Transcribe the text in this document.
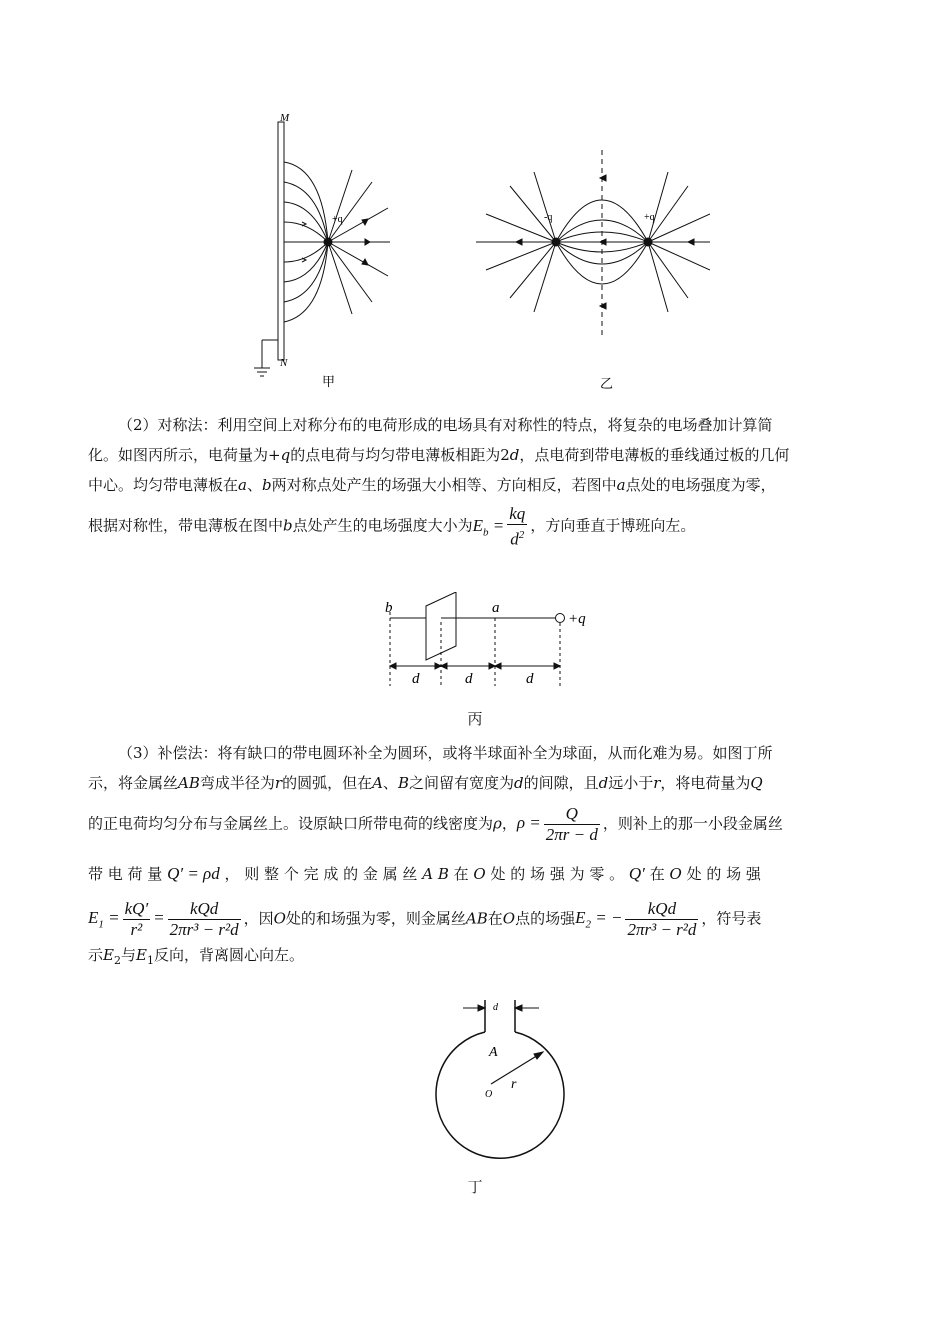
M
N
+q
甲
-q	+q
乙
（2）对称法：利用空间上对称分布的电荷形成的电场具有对称性的特点，将复杂的电场叠加计算简
化。如图丙所示，电荷量为+q的点电荷与均匀带电薄板相距为2d，点电荷到带电薄板的垂线通过板的几何
中心。均匀带电薄板在a、b两对称点处产生的场强大小相等、方向相反，若图中a点处的电场强度为零，
根据对称性，带电薄板在图中b点处产生的电场强度大小为$E_b = \frac{kq}{d^2}$ ，方向垂直于博班向左。
b	a
+q
d	d	d
丙
（3）补偿法：将有缺口的带电圆环补全为圆环，或将半球面补全为球面，从而化难为易。如图丁所
示，将金属丝AB弯成半径为r的圆弧，但在A、B之间留有宽度为d的间隙，且d远小于r，将电荷量为Q
的正电荷均匀分布与金属丝上。设原缺口所带电荷的线密度为ρ，$\rho = \frac{Q}{2\pi r - d}$ ，则补上的那一小段金属丝
带 电 荷 量 Q′ = ρd ， 则 整 个 完 成 的 金 属 丝 A B 在 O 处 的 场 强 为 零 。 Q′ 在 O 处 的 场 强
$E_1 = \frac{kQ'}{\text{r²}} = \frac{\text{kQd}}{\text{2πr³ − r²d}}$ ，因O处的和场强为零，则金属丝AB在O点的场强$E_2$ = − $\frac{\text{kQd}}{\text{2πr³ − r²d}}$ ，符号表
示$E_2$与$E_1$反向，背离圆心向左。
d
A
O
r
丁
